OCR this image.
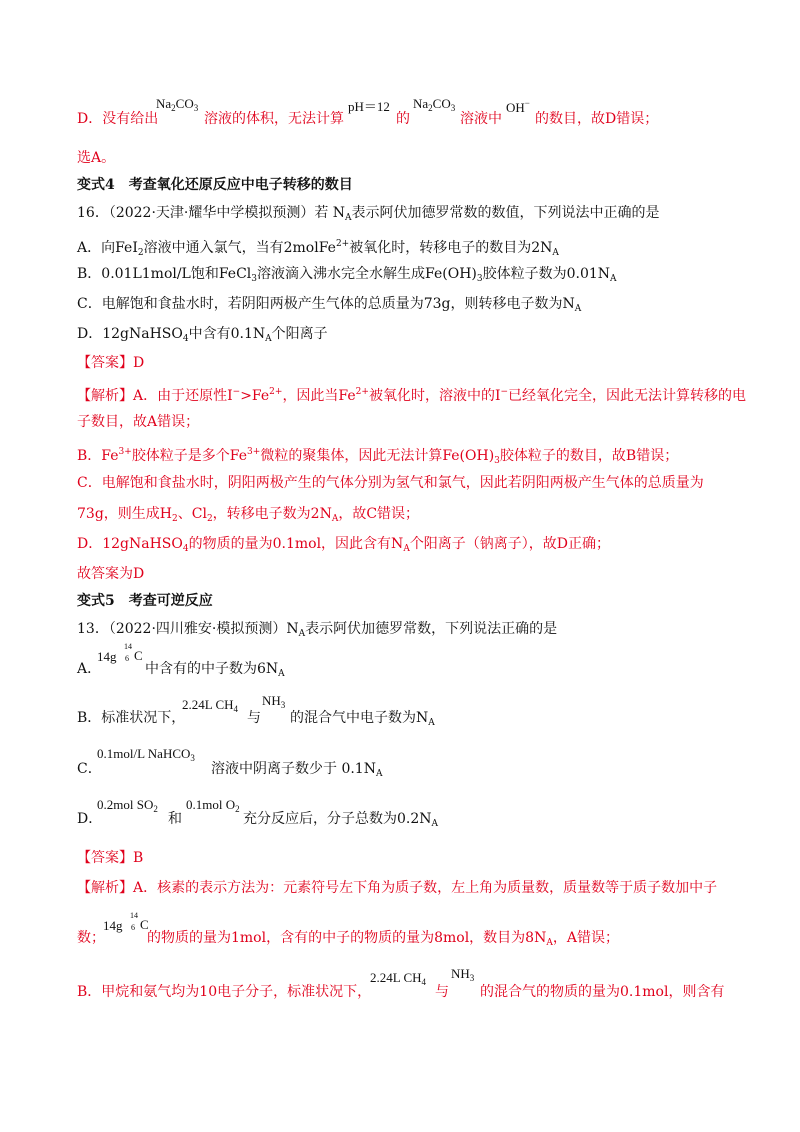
D．没有给出
$Na_2CO_3$
溶液的体积，无法计算
pH＝12
的
$Na_2CO_3$
溶液中
OH−
的数目，故D错误；
选A。
变式4　考查氧化还原反应中电子转移的数目
16．（2022·天津·耀华中学模拟预测）若 $N_A$表示阿伏加德罗常数的数值，下列说法中正确的是
A．向FeI$_2$溶液中通入氯气，当有2molFe$^{2+}$被氧化时，转移电子的数目为$2N_A$
B．0.01L1mol/L饱和FeCl$_3$溶液滴入沸水完全水解生成$Fe(OH)_3$胶体粒子数为$0.01N_A$
C．电解饱和食盐水时，若阴阳两极产生气体的总质量为73g，则转移电子数为$N_A$
D．12gNaHSO$_4$中含有$0.1N_A$个阳离子
【答案】D
【解析】A．由于还原性$I^->Fe^{2+}$，因此当$Fe^{2+}$被氧化时，溶液中的I−已经氧化完全，因此无法计算转移的电
子数目，故A错误；
B．$Fe^{3+}$胶体粒子是多个$Fe^{3+}$微粒的聚集体，因此无法计算$Fe(OH)_3$胶体粒子的数目，故B错误；
C．电解饱和食盐水时，阴阳两极产生的气体分别为氢气和氯气，因此若阴阳两极产生气体的总质量为
73g，则生成$H_2$、$Cl_2$，转移电子数为$2N_A$，故C错误；
D．12gNaHSO$_4$的物质的量为0.1mol，因此含有$N_A$个阳离子（钠离子），故D正确；
故答案为D
变式5　考查可逆反应
13．（2022·四川雅安·模拟预测）$N_A$表示阿伏加德罗常数，下列说法正确的是
A．
14g
14
6 C
中含有的中子数为$6N_A$
B．标准状况下，
2.24L $CH_4$
与
$NH_3$
的混合气中电子数为$N_A$
C．
0.1mol/L NaHCO$_3$
溶液中阴离子数少于 $0.1N_A$
D．
0.2mol $SO_2$
和
0.1mol $O_2$
充分反应后，分子总数为$0.2N_A$
【答案】B
【解析】A．核素的表示方法为：元素符号左下角为质子数，左上角为质量数，质量数等于质子数加中子
数；
14g
14
6 C
的物质的量为1mol，含有的中子的物质的量为8mol，数目为$8N_A$，A错误；
B．甲烷和氨气均为10电子分子，标准状况下，
2.24L $CH_4$
与
$NH_3$
的混合气的物质的量为0.1mol，则含有
